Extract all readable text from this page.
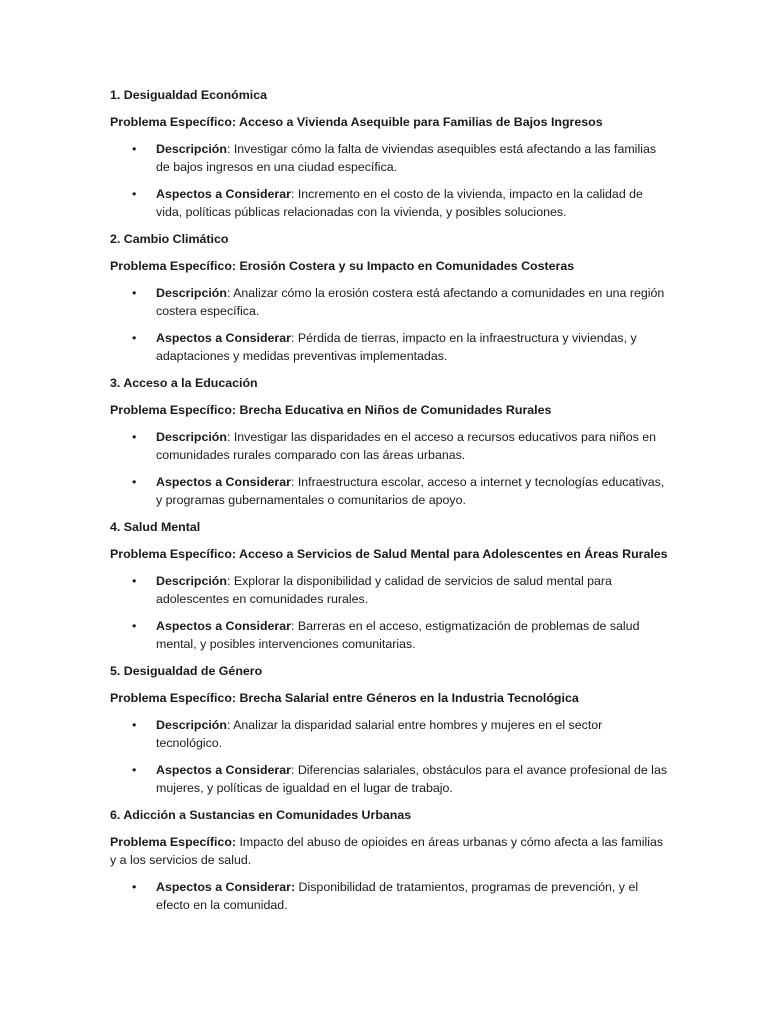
1. Desigualdad Económica

Problema Específico: Acceso a Vivienda Asequible para Familias de Bajos Ingresos

• Descripción: Investigar cómo la falta de viviendas asequibles está afectando a las familias de bajos ingresos en una ciudad específica.
• Aspectos a Considerar: Incremento en el costo de la vivienda, impacto en la calidad de vida, políticas públicas relacionadas con la vivienda, y posibles soluciones.

2. Cambio Climático

Problema Específico: Erosión Costera y su Impacto en Comunidades Costeras

• Descripción: Analizar cómo la erosión costera está afectando a comunidades en una región costera específica.
• Aspectos a Considerar: Pérdida de tierras, impacto en la infraestructura y viviendas, y adaptaciones y medidas preventivas implementadas.

3. Acceso a la Educación

Problema Específico: Brecha Educativa en Niños de Comunidades Rurales

• Descripción: Investigar las disparidades en el acceso a recursos educativos para niños en comunidades rurales comparado con las áreas urbanas.
• Aspectos a Considerar: Infraestructura escolar, acceso a internet y tecnologías educativas, y programas gubernamentales o comunitarios de apoyo.

4. Salud Mental

Problema Específico: Acceso a Servicios de Salud Mental para Adolescentes en Áreas Rurales

• Descripción: Explorar la disponibilidad y calidad de servicios de salud mental para adolescentes en comunidades rurales.
• Aspectos a Considerar: Barreras en el acceso, estigmatización de problemas de salud mental, y posibles intervenciones comunitarias.

5. Desigualdad de Género

Problema Específico: Brecha Salarial entre Géneros en la Industria Tecnológica

• Descripción: Analizar la disparidad salarial entre hombres y mujeres en el sector tecnológico.
• Aspectos a Considerar: Diferencias salariales, obstáculos para el avance profesional de las mujeres, y políticas de igualdad en el lugar de trabajo.

6. Adicción a Sustancias en Comunidades Urbanas

Problema Específico: Impacto del abuso de opioides en áreas urbanas y cómo afecta a las familias y a los servicios de salud.

• Aspectos a Considerar: Disponibilidad de tratamientos, programas de prevención, y el efecto en la comunidad.
